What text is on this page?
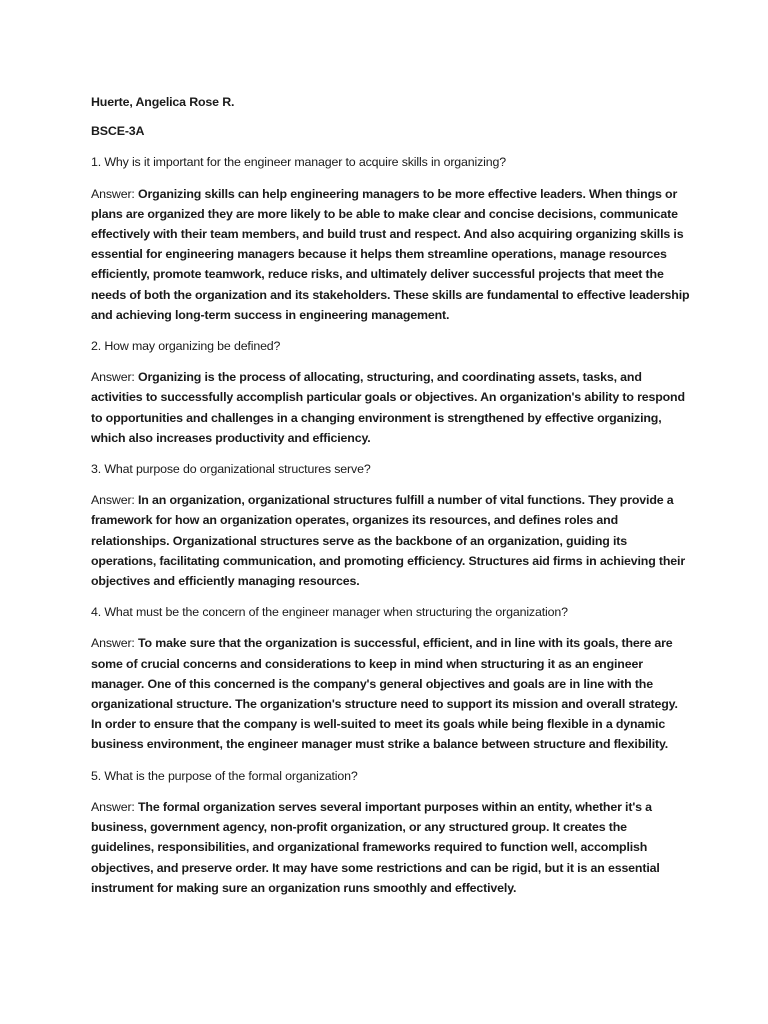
Huerte, Angelica Rose R.

BSCE-3A

1. Why is it important for the engineer manager to acquire skills in organizing?

Answer: Organizing skills can help engineering managers to be more effective leaders. When things or plans are organized they are more likely to be able to make clear and concise decisions, communicate effectively with their team members, and build trust and respect. And also acquiring organizing skills is essential for engineering managers because it helps them streamline operations, manage resources efficiently, promote teamwork, reduce risks, and ultimately deliver successful projects that meet the needs of both the organization and its stakeholders. These skills are fundamental to effective leadership and achieving long-term success in engineering management.

2. How may organizing be defined?

Answer: Organizing is the process of allocating, structuring, and coordinating assets, tasks, and activities to successfully accomplish particular goals or objectives. An organization's ability to respond to opportunities and challenges in a changing environment is strengthened by effective organizing, which also increases productivity and efficiency.

3. What purpose do organizational structures serve?

Answer: In an organization, organizational structures fulfill a number of vital functions. They provide a framework for how an organization operates, organizes its resources, and defines roles and relationships. Organizational structures serve as the backbone of an organization, guiding its operations, facilitating communication, and promoting efficiency. Structures aid firms in achieving their objectives and efficiently managing resources.

4. What must be the concern of the engineer manager when structuring the organization?

Answer: To make sure that the organization is successful, efficient, and in line with its goals, there are some of crucial concerns and considerations to keep in mind when structuring it as an engineer manager. One of this concerned is the company's general objectives and goals are in line with the organizational structure. The organization's structure need to support its mission and overall strategy. In order to ensure that the company is well-suited to meet its goals while being flexible in a dynamic business environment, the engineer manager must strike a balance between structure and flexibility.

5. What is the purpose of the formal organization?

Answer: The formal organization serves several important purposes within an entity, whether it's a business, government agency, non-profit organization, or any structured group. It creates the guidelines, responsibilities, and organizational frameworks required to function well, accomplish objectives, and preserve order. It may have some restrictions and can be rigid, but it is an essential instrument for making sure an organization runs smoothly and effectively.
